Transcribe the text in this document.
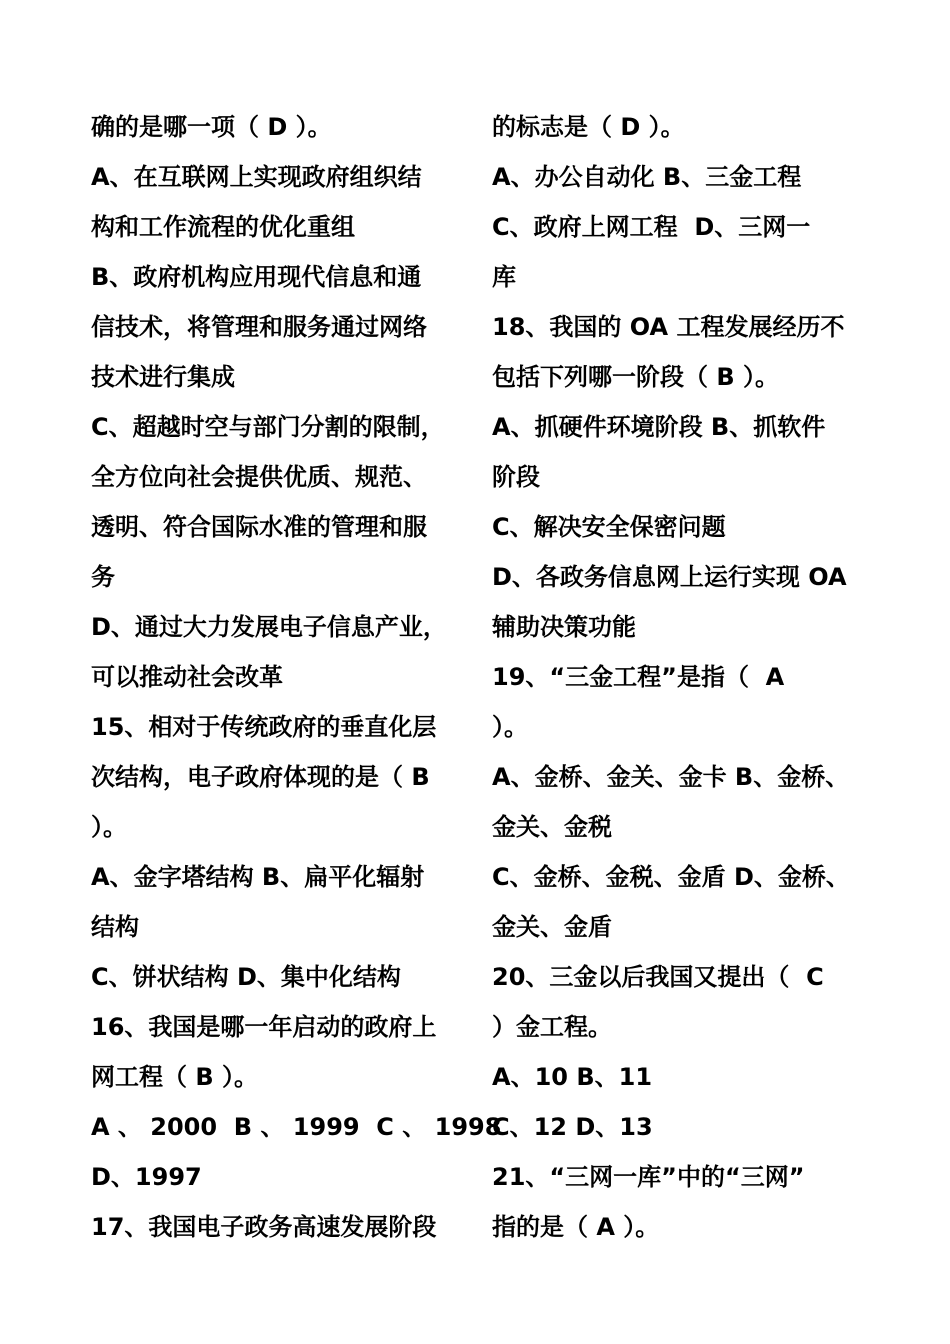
确的是哪一项（ D ）。
A、在互联网上实现政府组织结
构和工作流程的优化重组
B、政府机构应用现代信息和通
信技术，将管理和服务通过网络
技术进行集成
C、超越时空与部门分割的限制，
全方位向社会提供优质、规范、
透明、符合国际水准的管理和服
务
D、通过大力发展电子信息产业，
可以推动社会改革
15、相对于传统政府的垂直化层
次结构，电子政府体现的是（ B
）。
A、金字塔结构 B、扁平化辐射
结构
C、饼状结构 D、集中化结构
16、我国是哪一年启动的政府上
网工程（ B ）。
A 、 2000  B 、 1999  C 、 1998
D、1997
17、我国电子政务高速发展阶段
的标志是（ D ）。
A、办公自动化 B、三金工程
C、政府上网工程  D、三网一
库
18、我国的 OA 工程发展经历不
包括下列哪一阶段（ B ）。
A、抓硬件环境阶段 B、抓软件
阶段
C、解决安全保密问题
D、各政务信息网上运行实现 OA
辅助决策功能
19、“三金工程”是指（  A
）。
A、金桥、金关、金卡 B、金桥、
金关、金税
C、金桥、金税、金盾 D、金桥、
金关、金盾
20、三金以后我国又提出（  C
）金工程。
A、10 B、11
C、12 D、13
21、“三网一库”中的“三网”
指的是（ A ）。
